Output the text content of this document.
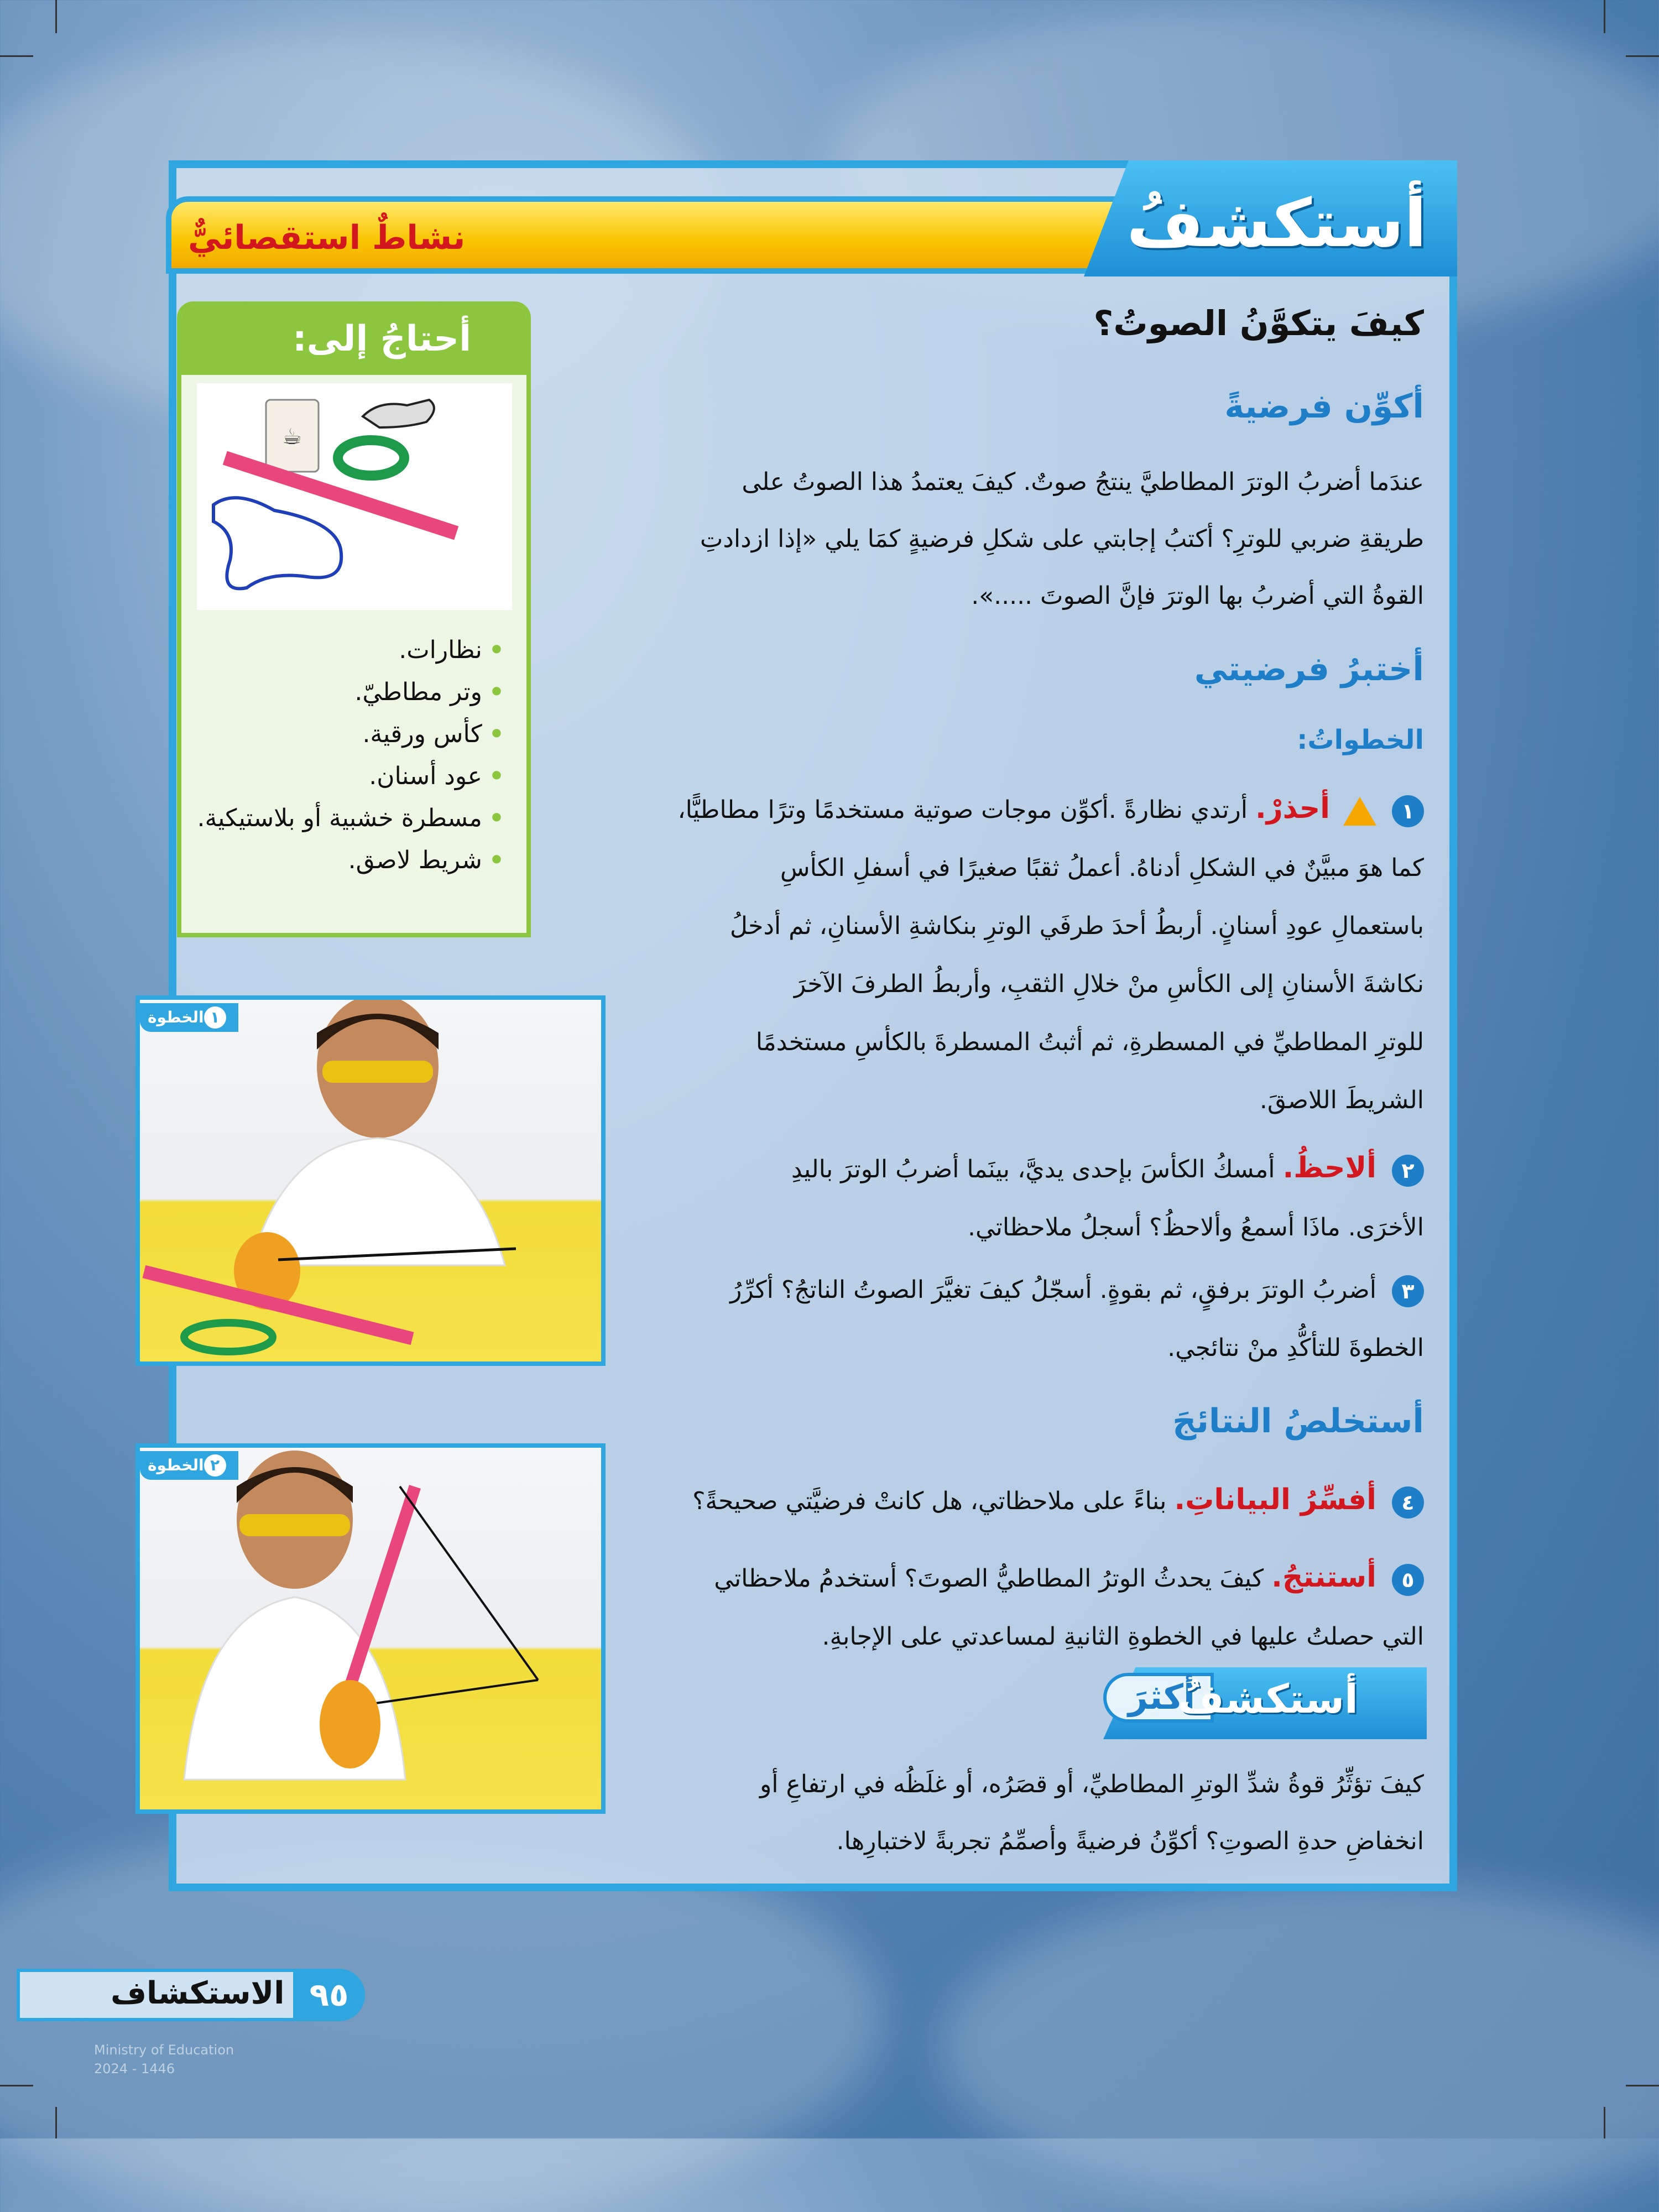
أستكشفُ
نشاطٌ استقصائيٌّ
كيفَ يتكوَّنُ الصوتُ؟
أكوِّن فرضيةً
عندَما أضربُ الوترَ المطاطيَّ ينتجُ صوتٌ. كيفَ يعتمدُ هذا الصوتُ على
طريقةِ ضربي للوترِ؟ أكتبُ إجابتي على شكلِ فرضيةٍ كمَا يلي «إذا ازدادتِ
القوةُ التي أضربُ بها الوترَ فإنَّ الصوتَ .....».
أختبرُ فرضيتي
الخطواتُ:
١  أحذرْ. أرتدي نظارةً .أكوِّن موجات صوتية مستخدمًا وترًا مطاطيًّا،
كما هوَ مبيَّنٌ في الشكلِ أدناهُ. أعملُ ثقبًا صغيرًا في أسفلِ الكأسِ
باستعمالِ عودِ أسنانٍ. أربطُ أحدَ طرفَي الوترِ بنكاشةِ الأسنانِ، ثم أدخلُ
نكاشةَ الأسنانِ إلى الكأسِ منْ خلالِ الثقبِ، وأربطُ الطرفَ الآخرَ
للوترِ المطاطيِّ في المسطرةِ، ثم أثبتُ المسطرةَ بالكأسِ مستخدمًا
الشريطَ اللاصقَ.
٢ ألاحظُ. أمسكُ الكأسَ بإحدى يديَّ، بينَما أضربُ الوترَ باليدِ
الأخرَى. ماذَا أسمعُ وألاحظُ؟ أسجلُ ملاحظاتي.
٣ أضربُ الوترَ برفقٍ، ثم بقوةٍ. أسجّلُ كيفَ تغيَّرَ الصوتُ الناتجُ؟ أكرِّرُ
الخطوةَ للتأكُّدِ منْ نتائجي.
أستخلصُ النتائجَ
٤ أفسِّرُ البياناتِ. بناءً على ملاحظاتي، هل كانتْ فرضيَّتي صحيحةً؟
٥ أستنتجُ. كيفَ يحدثُ الوترُ المطاطيُّ الصوتَ؟ أستخدمُ ملاحظاتي
التي حصلتُ عليها في الخطوةِ الثانيةِ لمساعدتي على الإجابةِ.
أكثرَ
أستكشفُ
كيفَ تؤثِّرُ قوةُ شدِّ الوترِ المطاطيِّ، أو قصَرُه، أو غلَظُه في ارتفاعِ أو
انخفاضِ حدةِ الصوتِ؟ أكوِّنُ فرضيةً وأصمِّمُ تجربةً لاختبارِها.
أحتاجُ إلى:
☕
•نظارات.
•وتر مطاطيّ.
•كأس ورقية.
•عود أسنان.
•مسطرة خشبية أو بلاستيكية.
•شريط لاصق.
١الخطوة
٢الخطوة
٩٥
الاستكشاف
Ministry of Education
2024 - 1446
